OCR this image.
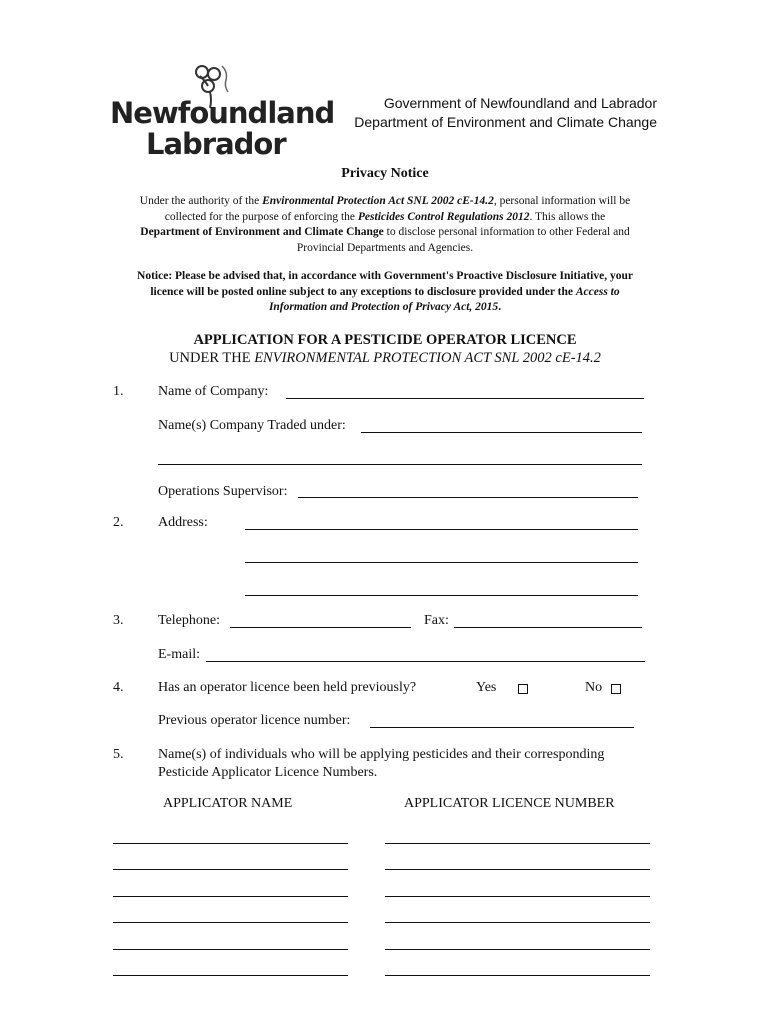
Newfoundland
Labrador
Government of Newfoundland and Labrador
Department of Environment and Climate Change
Privacy Notice
Under the authority of the Environmental Protection Act SNL 2002 cE-14.2, personal information will be
collected for the purpose of enforcing the Pesticides Control Regulations 2012. This allows the
Department of Environment and Climate Change to disclose personal information to other Federal and
Provincial Departments and Agencies.
Notice: Please be advised that, in accordance with Government's Proactive Disclosure Initiative, your
licence will be posted online subject to any exceptions to disclosure provided under the Access to
Information and Protection of Privacy Act, 2015.
APPLICATION FOR A PESTICIDE OPERATOR LICENCE
UNDER THE ENVIRONMENTAL PROTECTION ACT SNL 2002 cE-14.2
1. Name of Company:
Name(s) Company Traded under:
Operations Supervisor:
2. Address:
3. Telephone:	Fax:
E-mail:
4. Has an operator licence been held previously?	Yes	No
Previous operator licence number:
5. Name(s) of individuals who will be applying pesticides and their corresponding
Pesticide Applicator Licence Numbers.
APPLICATOR NAME	APPLICATOR LICENCE NUMBER
